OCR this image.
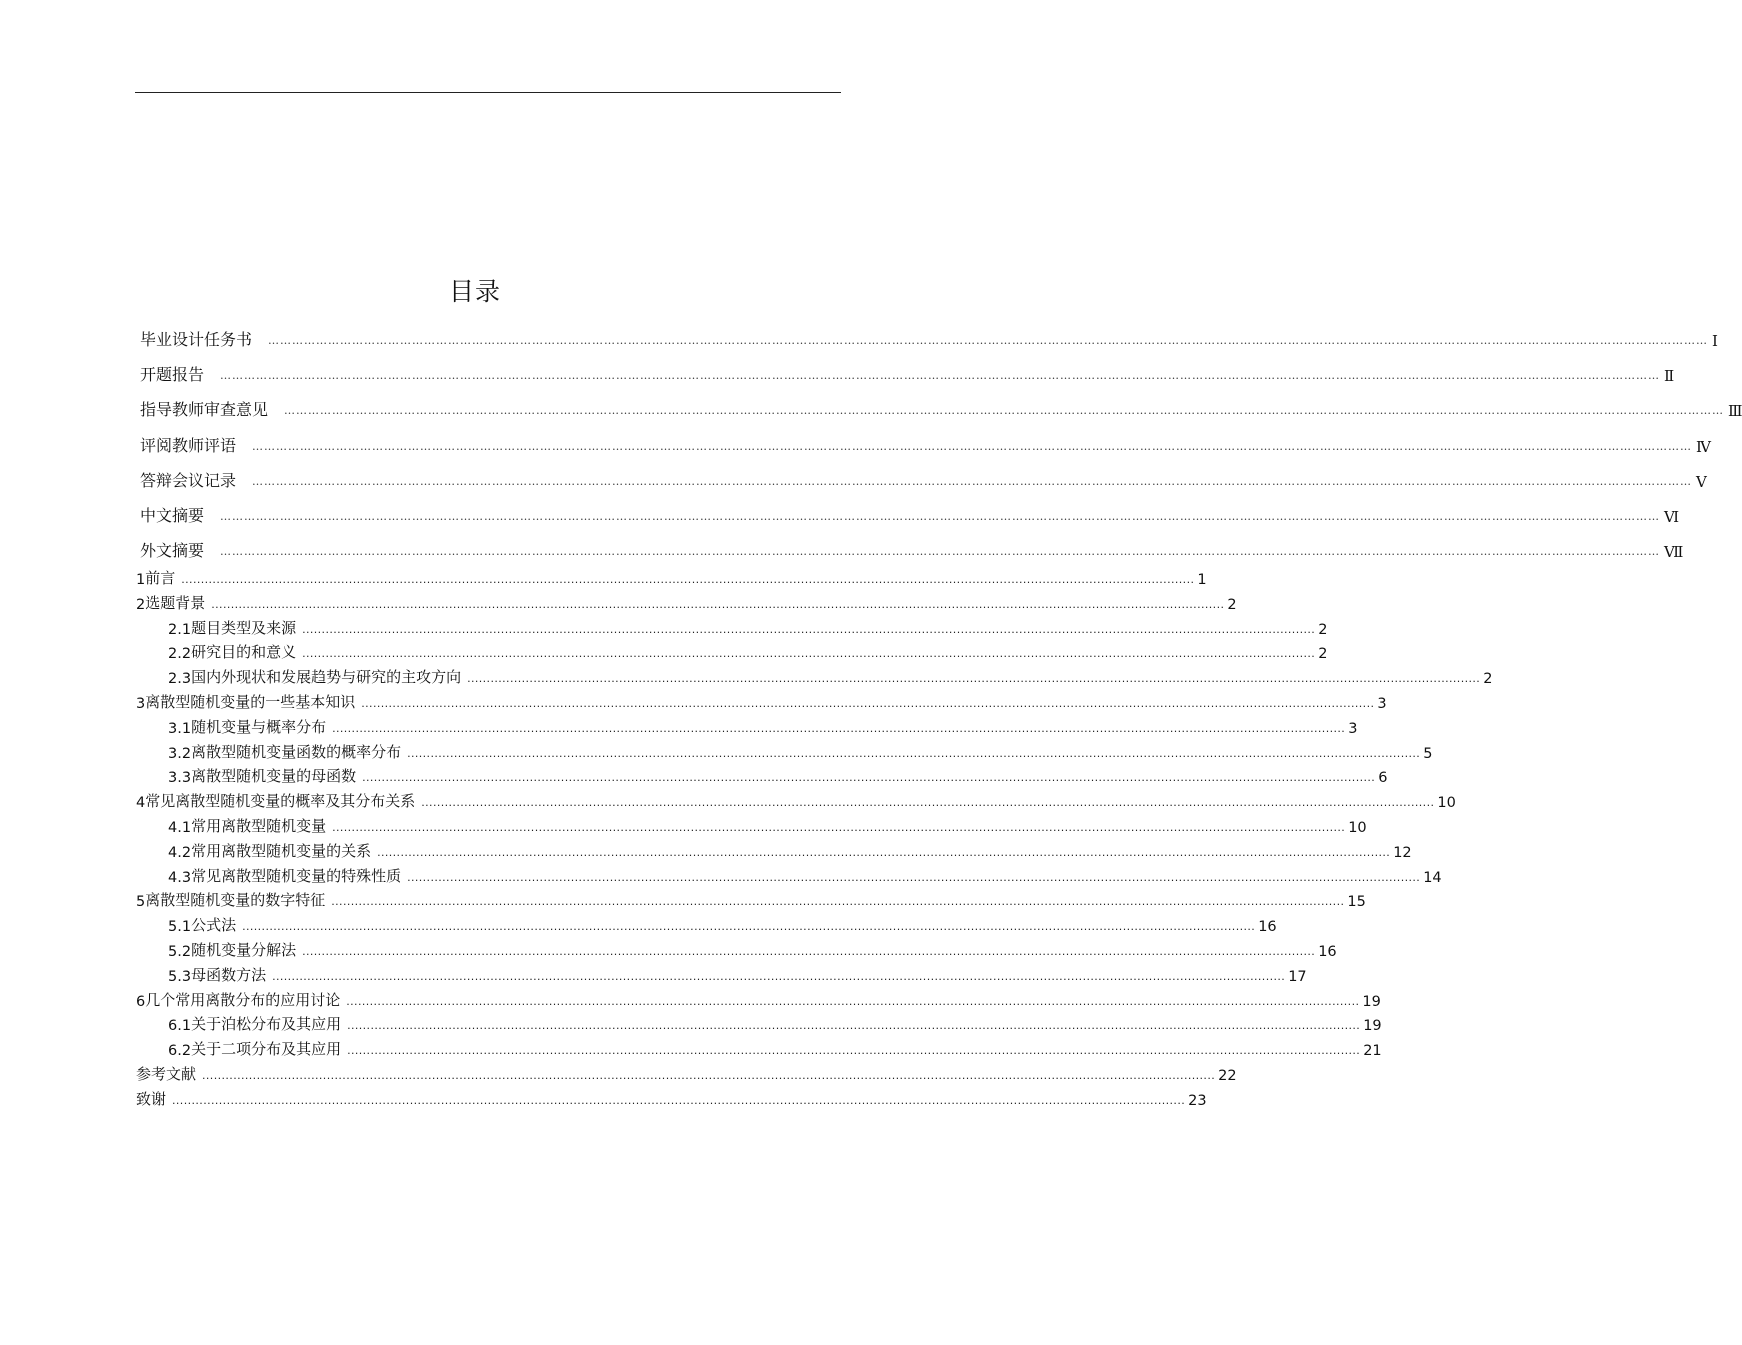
目录
毕业设计任务书 ……………………………………………………………………………………………………………………………………………………………………………………………………………………………………………………………………………………………………………………………… Ⅰ
开题报告 ……………………………………………………………………………………………………………………………………………………………………………………………………………………………………………………………………………………………………………………………… Ⅱ
指导教师审查意见 ……………………………………………………………………………………………………………………………………………………………………………………………………………………………………………………………………………………………………………………………… Ⅲ
评阅教师评语 ……………………………………………………………………………………………………………………………………………………………………………………………………………………………………………………………………………………………………………………………… Ⅳ
答辩会议记录 ……………………………………………………………………………………………………………………………………………………………………………………………………………………………………………………………………………………………………………………………… Ⅴ
中文摘要 ……………………………………………………………………………………………………………………………………………………………………………………………………………………………………………………………………………………………………………………………… Ⅵ
外文摘要 ……………………………………………………………………………………………………………………………………………………………………………………………………………………………………………………………………………………………………………………………… Ⅶ
1 前言 .................................................................................................................................................................................................................................................................... 1
2 选题背景 .................................................................................................................................................................................................................................................................... 2
2.1 题目类型及来源 .................................................................................................................................................................................................................................................................... 2
2.2 研究目的和意义 .................................................................................................................................................................................................................................................................... 2
2.3 国内外现状和发展趋势与研究的主攻方向 .................................................................................................................................................................................................................................................................... 2
3 离散型随机变量的一些基本知识 .................................................................................................................................................................................................................................................................... 3
3.1 随机变量与概率分布 .................................................................................................................................................................................................................................................................... 3
3.2 离散型随机变量函数的概率分布 .................................................................................................................................................................................................................................................................... 5
3.3 离散型随机变量的母函数 .................................................................................................................................................................................................................................................................... 6
4 常见离散型随机变量的概率及其分布关系 .................................................................................................................................................................................................................................................................... 10
4.1 常用离散型随机变量 .................................................................................................................................................................................................................................................................... 10
4.2 常用离散型随机变量的关系 .................................................................................................................................................................................................................................................................... 12
4.3 常见离散型随机变量的特殊性质 .................................................................................................................................................................................................................................................................... 14
5 离散型随机变量的数字特征 .................................................................................................................................................................................................................................................................... 15
5.1 公式法 .................................................................................................................................................................................................................................................................... 16
5.2 随机变量分解法 .................................................................................................................................................................................................................................................................... 16
5.3 母函数方法 .................................................................................................................................................................................................................................................................... 17
6 几个常用离散分布的应用讨论 .................................................................................................................................................................................................................................................................... 19
6.1 关于泊松分布及其应用 .................................................................................................................................................................................................................................................................... 19
6.2 关于二项分布及其应用 .................................................................................................................................................................................................................................................................... 21
参考文献 .................................................................................................................................................................................................................................................................... 22
致谢 .................................................................................................................................................................................................................................................................... 23
